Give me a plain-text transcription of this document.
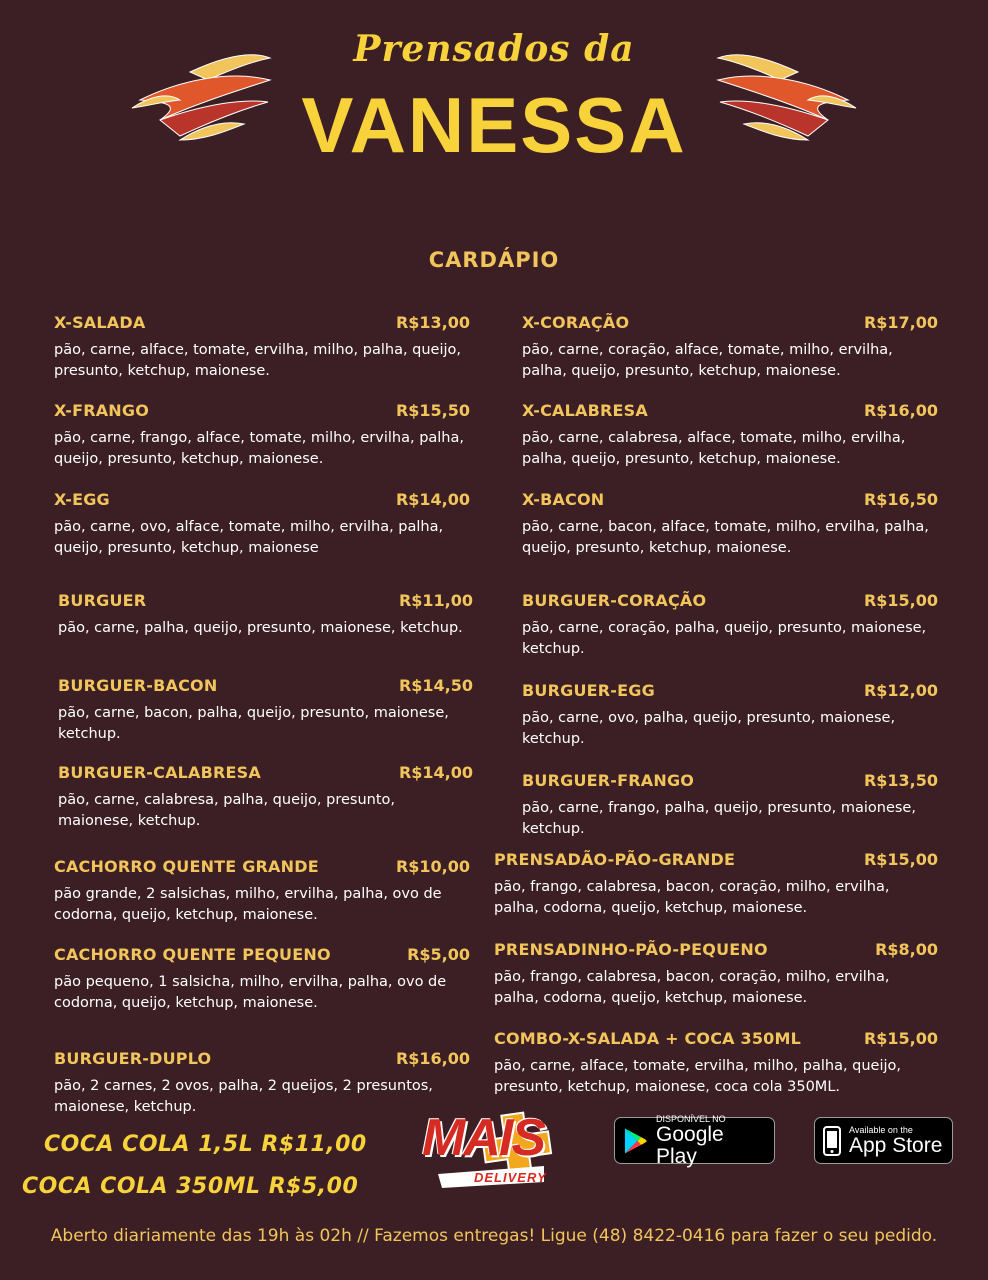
Prensados da
VANESSA
CARDÁPIO
X-SALADA	R$13,00
pão, carne, alface, tomate, ervilha, milho, palha, queijo, presunto, ketchup, maionese.
X-CORAÇÃO	R$17,00
pão, carne, coração, alface, tomate, milho, ervilha, palha, queijo, presunto, ketchup, maionese.
X-FRANGO	R$15,50
pão, carne, frango, alface, tomate, milho, ervilha, palha, queijo, presunto, ketchup, maionese.
X-CALABRESA	R$16,00
pão, carne, calabresa, alface, tomate, milho, ervilha, palha, queijo, presunto, ketchup, maionese.
X-EGG	R$14,00
pão, carne, ovo, alface, tomate, milho, ervilha, palha, queijo, presunto, ketchup, maionese
X-BACON	R$16,50
pão, carne, bacon, alface, tomate, milho, ervilha, palha, queijo, presunto, ketchup, maionese.
BURGUER	R$11,00
pão, carne, palha, queijo, presunto, maionese, ketchup.
BURGUER-CORAÇÃO	R$15,00
pão, carne, coração, palha, queijo, presunto, maionese, ketchup.
BURGUER-BACON	R$14,50
pão, carne, bacon, palha, queijo, presunto, maionese, ketchup.
BURGUER-EGG	R$12,00
pão, carne, ovo, palha, queijo, presunto, maionese, ketchup.
BURGUER-CALABRESA	R$14,00
pão, carne, calabresa, palha, queijo, presunto, maionese, ketchup.
BURGUER-FRANGO	R$13,50
pão, carne, frango, palha, queijo, presunto, maionese, ketchup.
CACHORRO QUENTE GRANDE	R$10,00
pão grande, 2 salsichas, milho, ervilha, palha, ovo de codorna, queijo, ketchup, maionese.
PRENSADÃO-PÃO-GRANDE	R$15,00
pão, frango, calabresa, bacon, coração, milho, ervilha, palha, codorna, queijo, ketchup, maionese.
CACHORRO QUENTE PEQUENO	R$5,00
pão pequeno, 1 salsicha, milho, ervilha, palha, ovo de codorna, queijo, ketchup, maionese.
PRENSADINHO-PÃO-PEQUENO	R$8,00
pão, frango, calabresa, bacon, coração, milho, ervilha, palha, codorna, queijo, ketchup, maionese.
BURGUER-DUPLO	R$16,00
pão, 2 carnes, 2 ovos, palha, 2 queijos, 2 presuntos, maionese, ketchup.
COMBO-X-SALADA + COCA 350ML	R$15,00
pão, carne, alface, tomate, ervilha, milho, palha, queijo, presunto, ketchup, maionese, coca cola 350ML.
COCA COLA 1,5L R$11,00
COCA COLA 350ML R$5,00
MAIS
DELIVERY
DISPONÍVEL NO
Google Play
Available on the
App Store
Aberto diariamente das 19h às 02h // Fazemos entregas! Ligue (48) 8422-0416 para fazer o seu pedido.
